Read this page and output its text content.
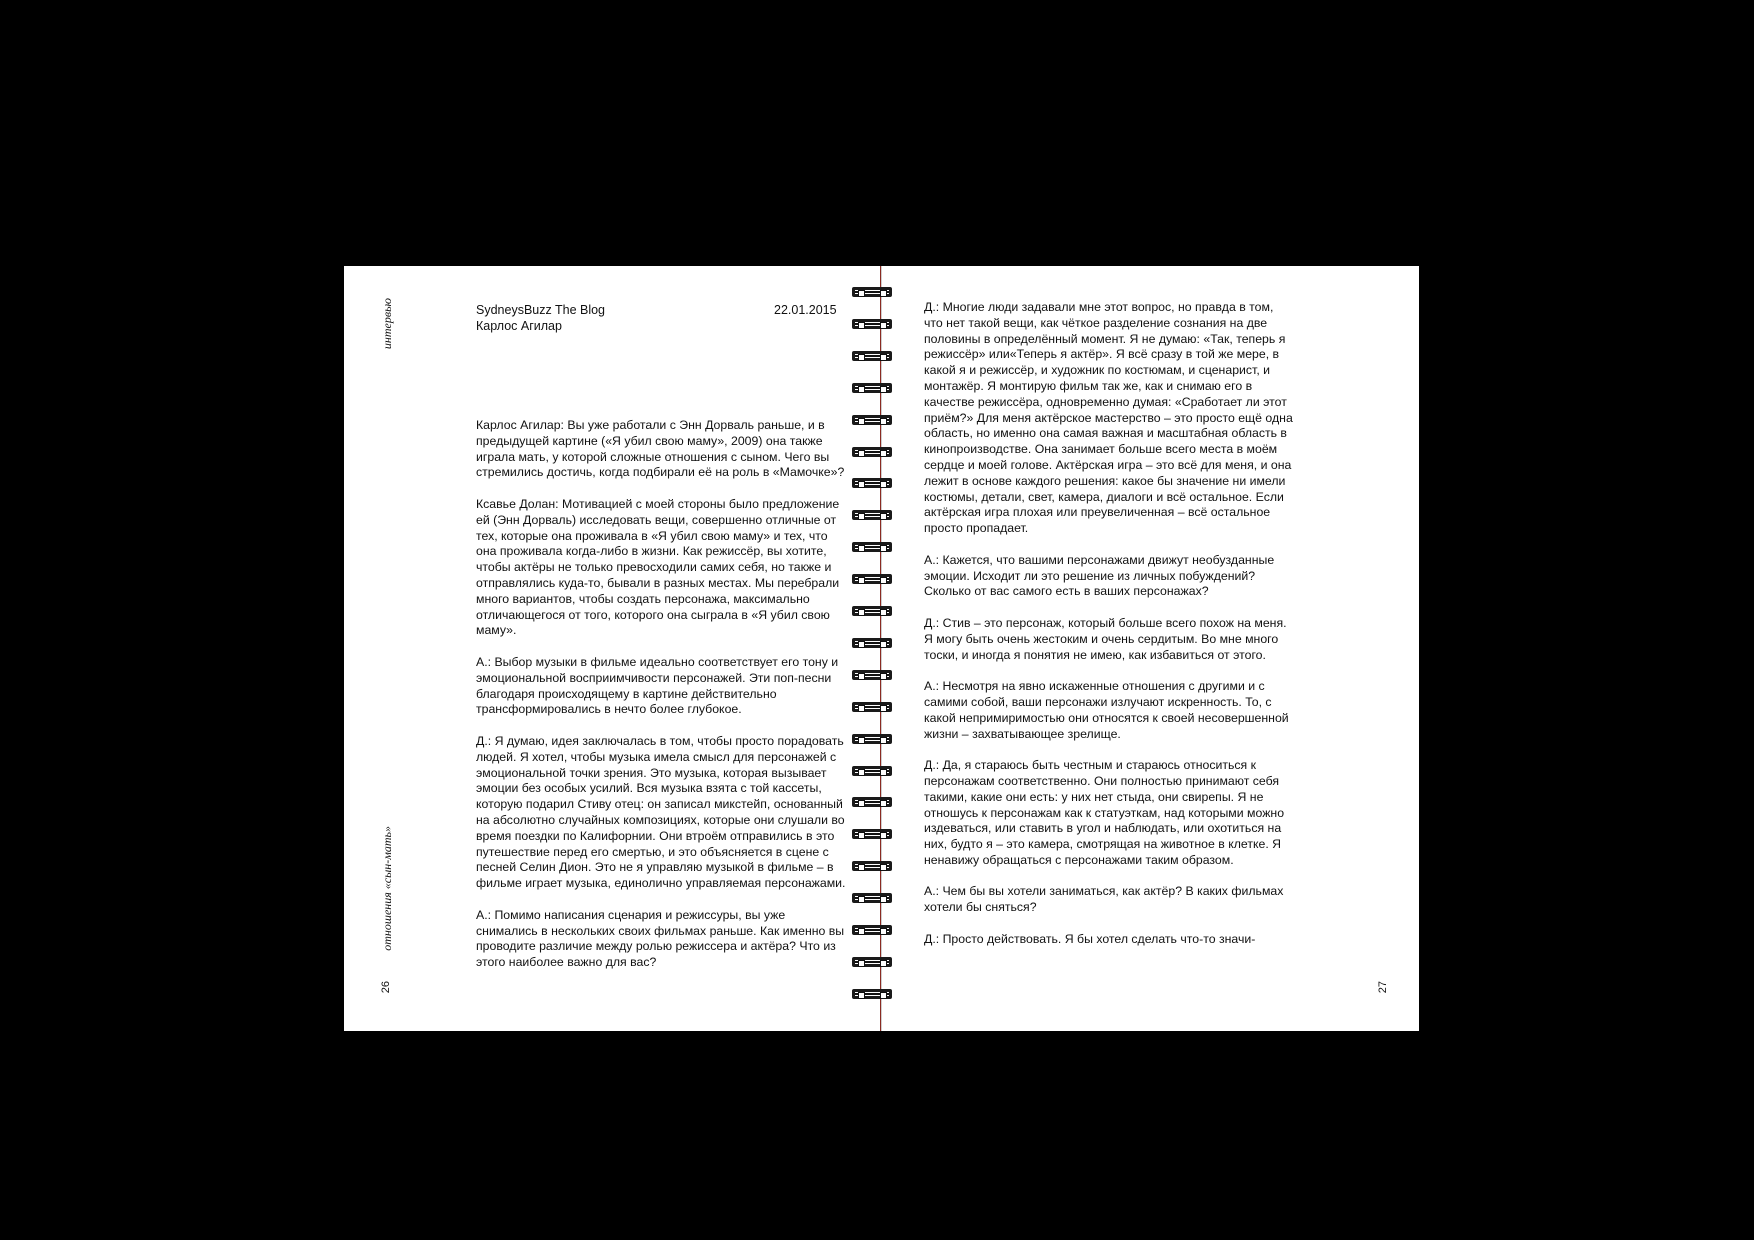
интервью	SydneysBuzz The Blog
Карлос Агилар
22.01.2015

Карлос Агилар: Вы уже работали с Энн Дорваль раньше, и в предыдущей картине («Я убил свою маму», 2009) она также играла мать, у которой сложные отношения с сыном. Чего вы стремились достичь, когда подбирали её на роль в «Мамочке»?

Ксавье Долан: Мотивацией с моей стороны было предложение ей (Энн Дорваль) исследовать вещи, совершенно отличные от тех, которые она проживала в «Я убил свою маму» и тех, что она проживала когда-либо в жизни. Как режиссёр, вы хотите, чтобы актёры не только превосходили самих себя, но также и отправлялись куда-то, бывали в разных местах. Мы перебрали много вариантов, чтобы создать персонажа, максимально отличающегося от того, которого она сыграла в «Я убил свою маму».

А.: Выбор музыки в фильме идеально соответствует его тону и эмоциональной восприимчивости персонажей. Эти поп-песни благодаря происходящему в картине действительно трансформировались в нечто более глубокое.

Д.: Я думаю, идея заключалась в том, чтобы просто порадовать людей. Я хотел, чтобы музыка имела смысл для персонажей с эмоциональной точки зрения. Это музыка, которая вызывает эмоции без особых усилий. Вся музыка взята с той кассеты, которую подарил Стиву отец: он записал микстейп, основанный на абсолютно случайных композициях, которые они слушали во время поездки по Калифорнии. Они втроём отправились в это путешествие перед его смертью, и это объясняется в сцене с песней Селин Дион. Это не я управляю музыкой в фильме – в фильме играет музыка, единолично управляемая персонажами.

А.: Помимо написания сценария и режиссуры, вы уже снимались в нескольких своих фильмах раньше. Как именно вы проводите различие между ролью режиссера и актёра? Что из этого наиболее важно для вас?

отношения «сын-мать»
26

Д.: Многие люди задавали мне этот вопрос, но правда в том, что нет такой вещи, как чёткое разделение сознания на две половины в определённый момент. Я не думаю: «Так, теперь я режиссёр» или«Теперь я актёр». Я всё сразу в той же мере, в какой я и режиссёр, и художник по костюмам, и сценарист, и монтажёр. Я монтирую фильм так же, как и снимаю его в качестве режиссёра, одновременно думая: «Сработает ли этот приём?» Для меня актёрское мастерство – это просто ещё одна область, но именно она самая важная и масштабная область в кинопроизводстве. Она занимает больше всего места в моём сердце и моей голове. Актёрская игра – это всё для меня, и она лежит в основе каждого решения: какое бы значение ни имели костюмы, детали, свет, камера, диалоги и всё остальное. Если актёрская игра плохая или преувеличенная – всё остальное просто пропадает.

А.: Кажется, что вашими персонажами движут необузданные эмоции. Исходит ли это решение из личных побуждений? Сколько от вас самого есть в ваших персонажах?

Д.: Стив – это персонаж, который больше всего похож на меня. Я могу быть очень жестоким и очень сердитым. Во мне много тоски, и иногда я понятия не имею, как избавиться от этого.

А.: Несмотря на явно искаженные отношения с другими и с самими собой, ваши персонажи излучают искренность. То, с какой непримиримостью они относятся к своей несовершенной жизни – захватывающее зрелище.

Д.: Да, я стараюсь быть честным и стараюсь относиться к персонажам соответственно. Они полностью принимают себя такими, какие они есть: у них нет стыда, они свирепы. Я не отношусь к персонажам как к статуэткам, над которыми можно издеваться, или ставить в угол и наблюдать, или охотиться на них, будто я – это камера, смотрящая на животное в клетке. Я ненавижу обращаться с персонажами таким образом.

А.: Чем бы вы хотели заниматься, как актёр? В каких фильмах хотели бы сняться?

Д.: Просто действовать. Я бы хотел сделать что-то значи-

27
